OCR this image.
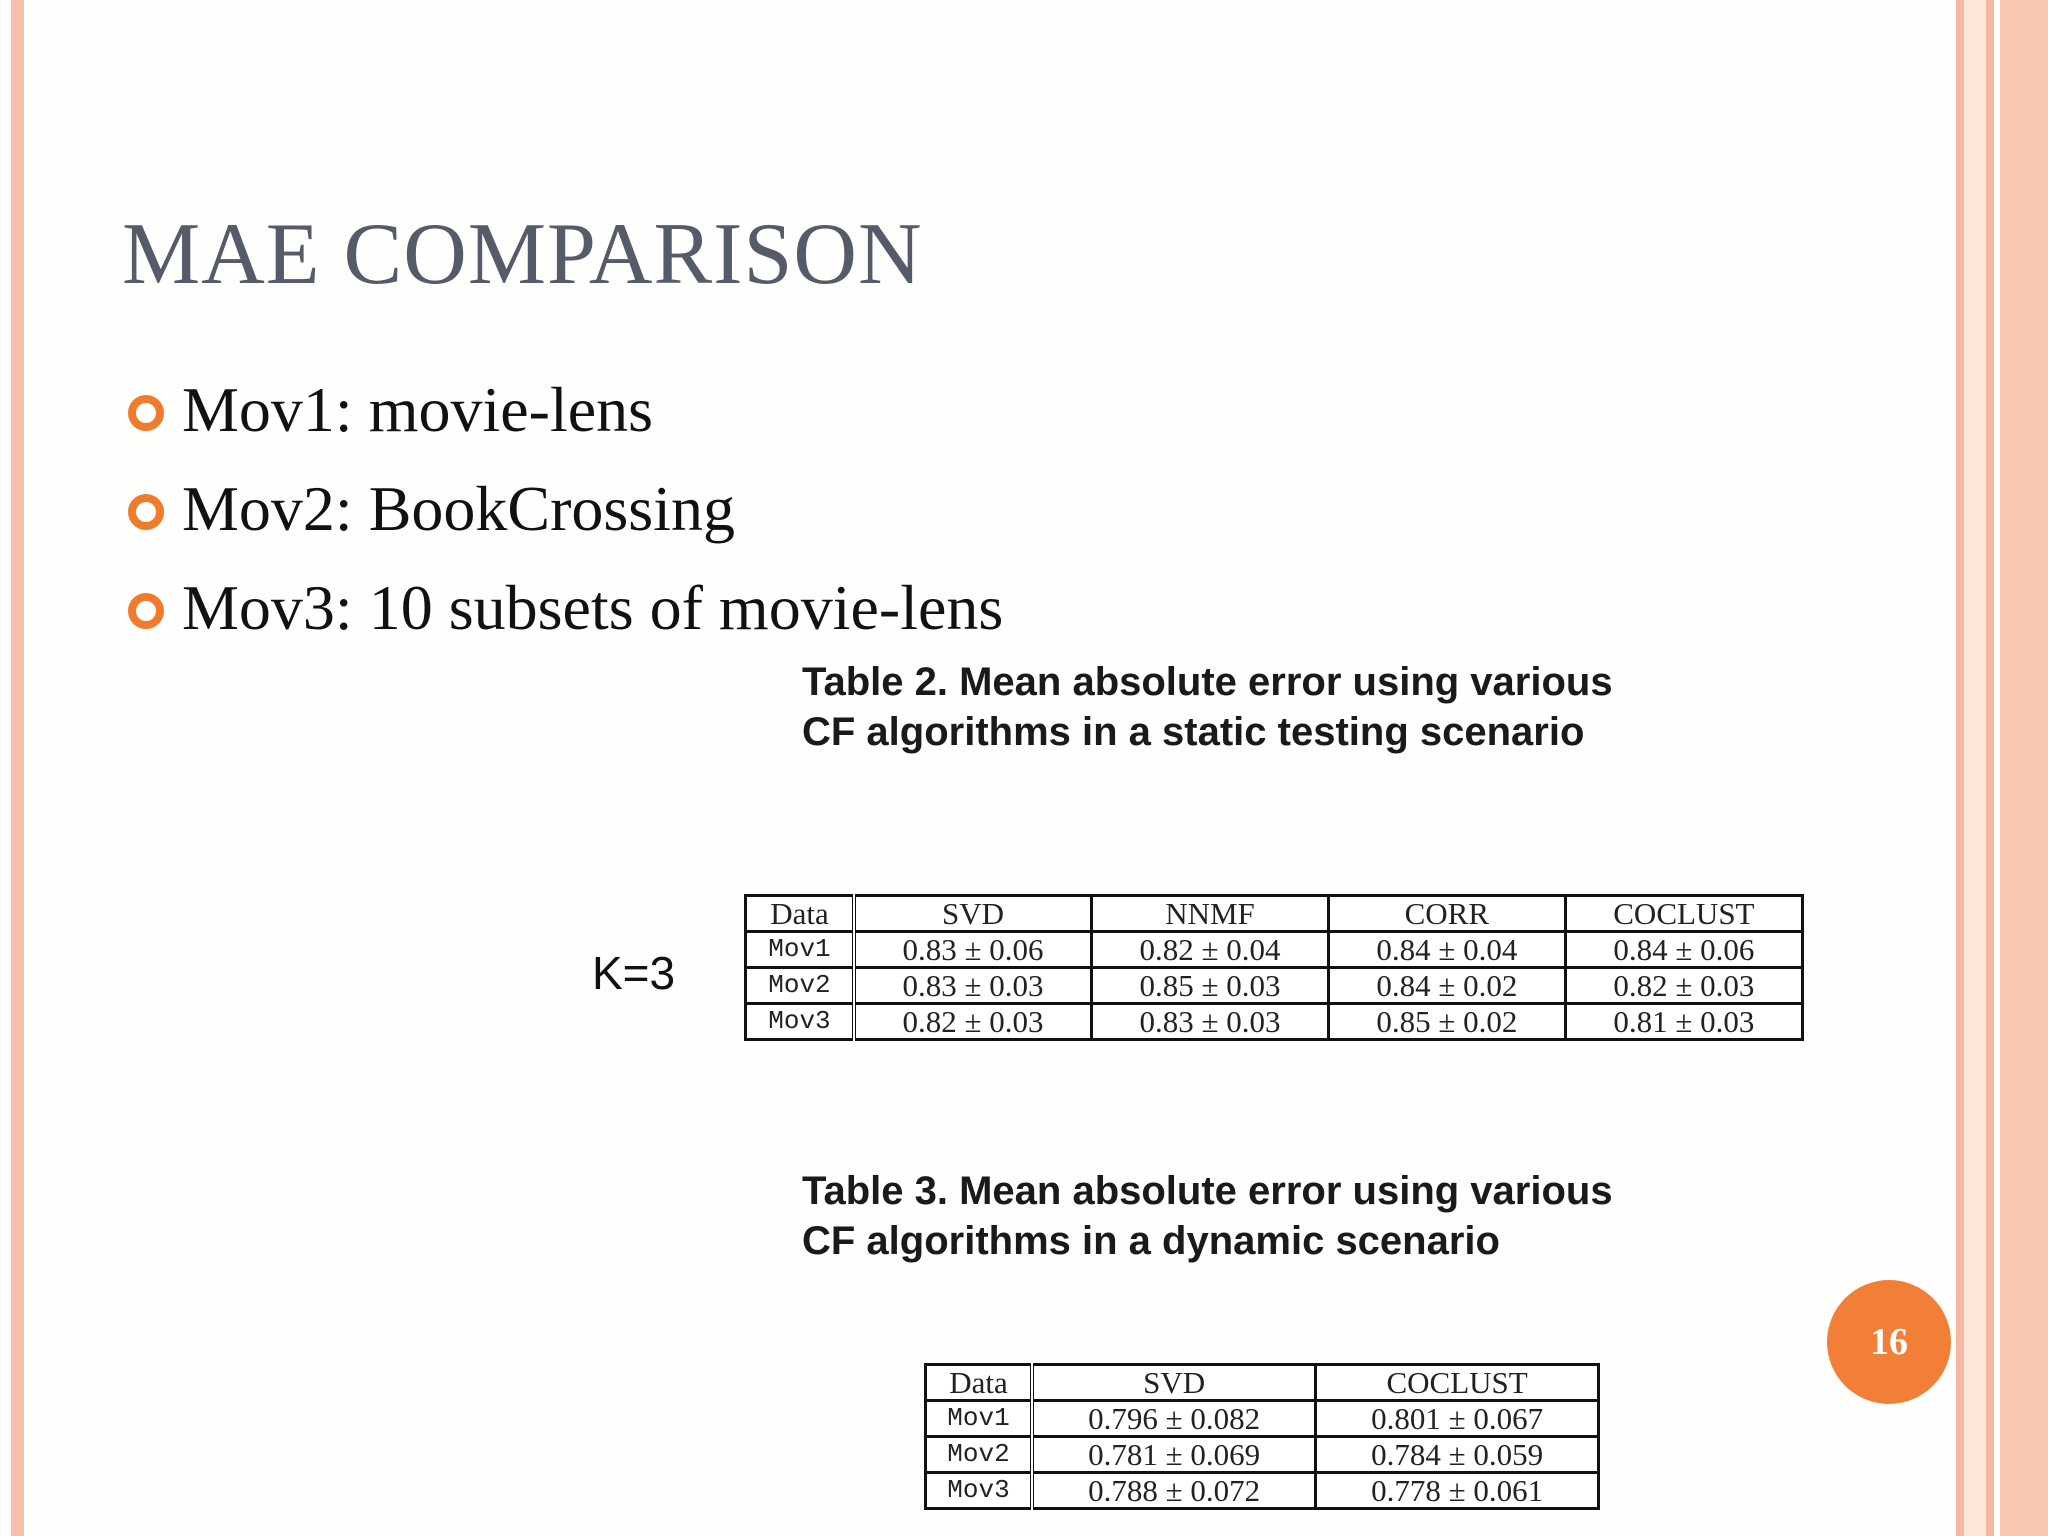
MAE COMPARISON
Mov1: movie-lens
Mov2: BookCrossing
Mov3: 10 subsets of movie-lens
Table 2. Mean absolute error using various
CF algorithms in a static testing scenario
K=3
Data	SVD	NNMF	CORR	COCLUST
Mov1	0.83 ± 0.06	0.82 ± 0.04	0.84 ± 0.04	0.84 ± 0.06
Mov2	0.83 ± 0.03	0.85 ± 0.03	0.84 ± 0.02	0.82 ± 0.03
Mov3	0.82 ± 0.03	0.83 ± 0.03	0.85 ± 0.02	0.81 ± 0.03
Table 3. Mean absolute error using various
CF algorithms in a dynamic scenario
Data	SVD	COCLUST
Mov1	0.796 ± 0.082	0.801 ± 0.067
Mov2	0.781 ± 0.069	0.784 ± 0.059
Mov3	0.788 ± 0.072	0.778 ± 0.061
16
